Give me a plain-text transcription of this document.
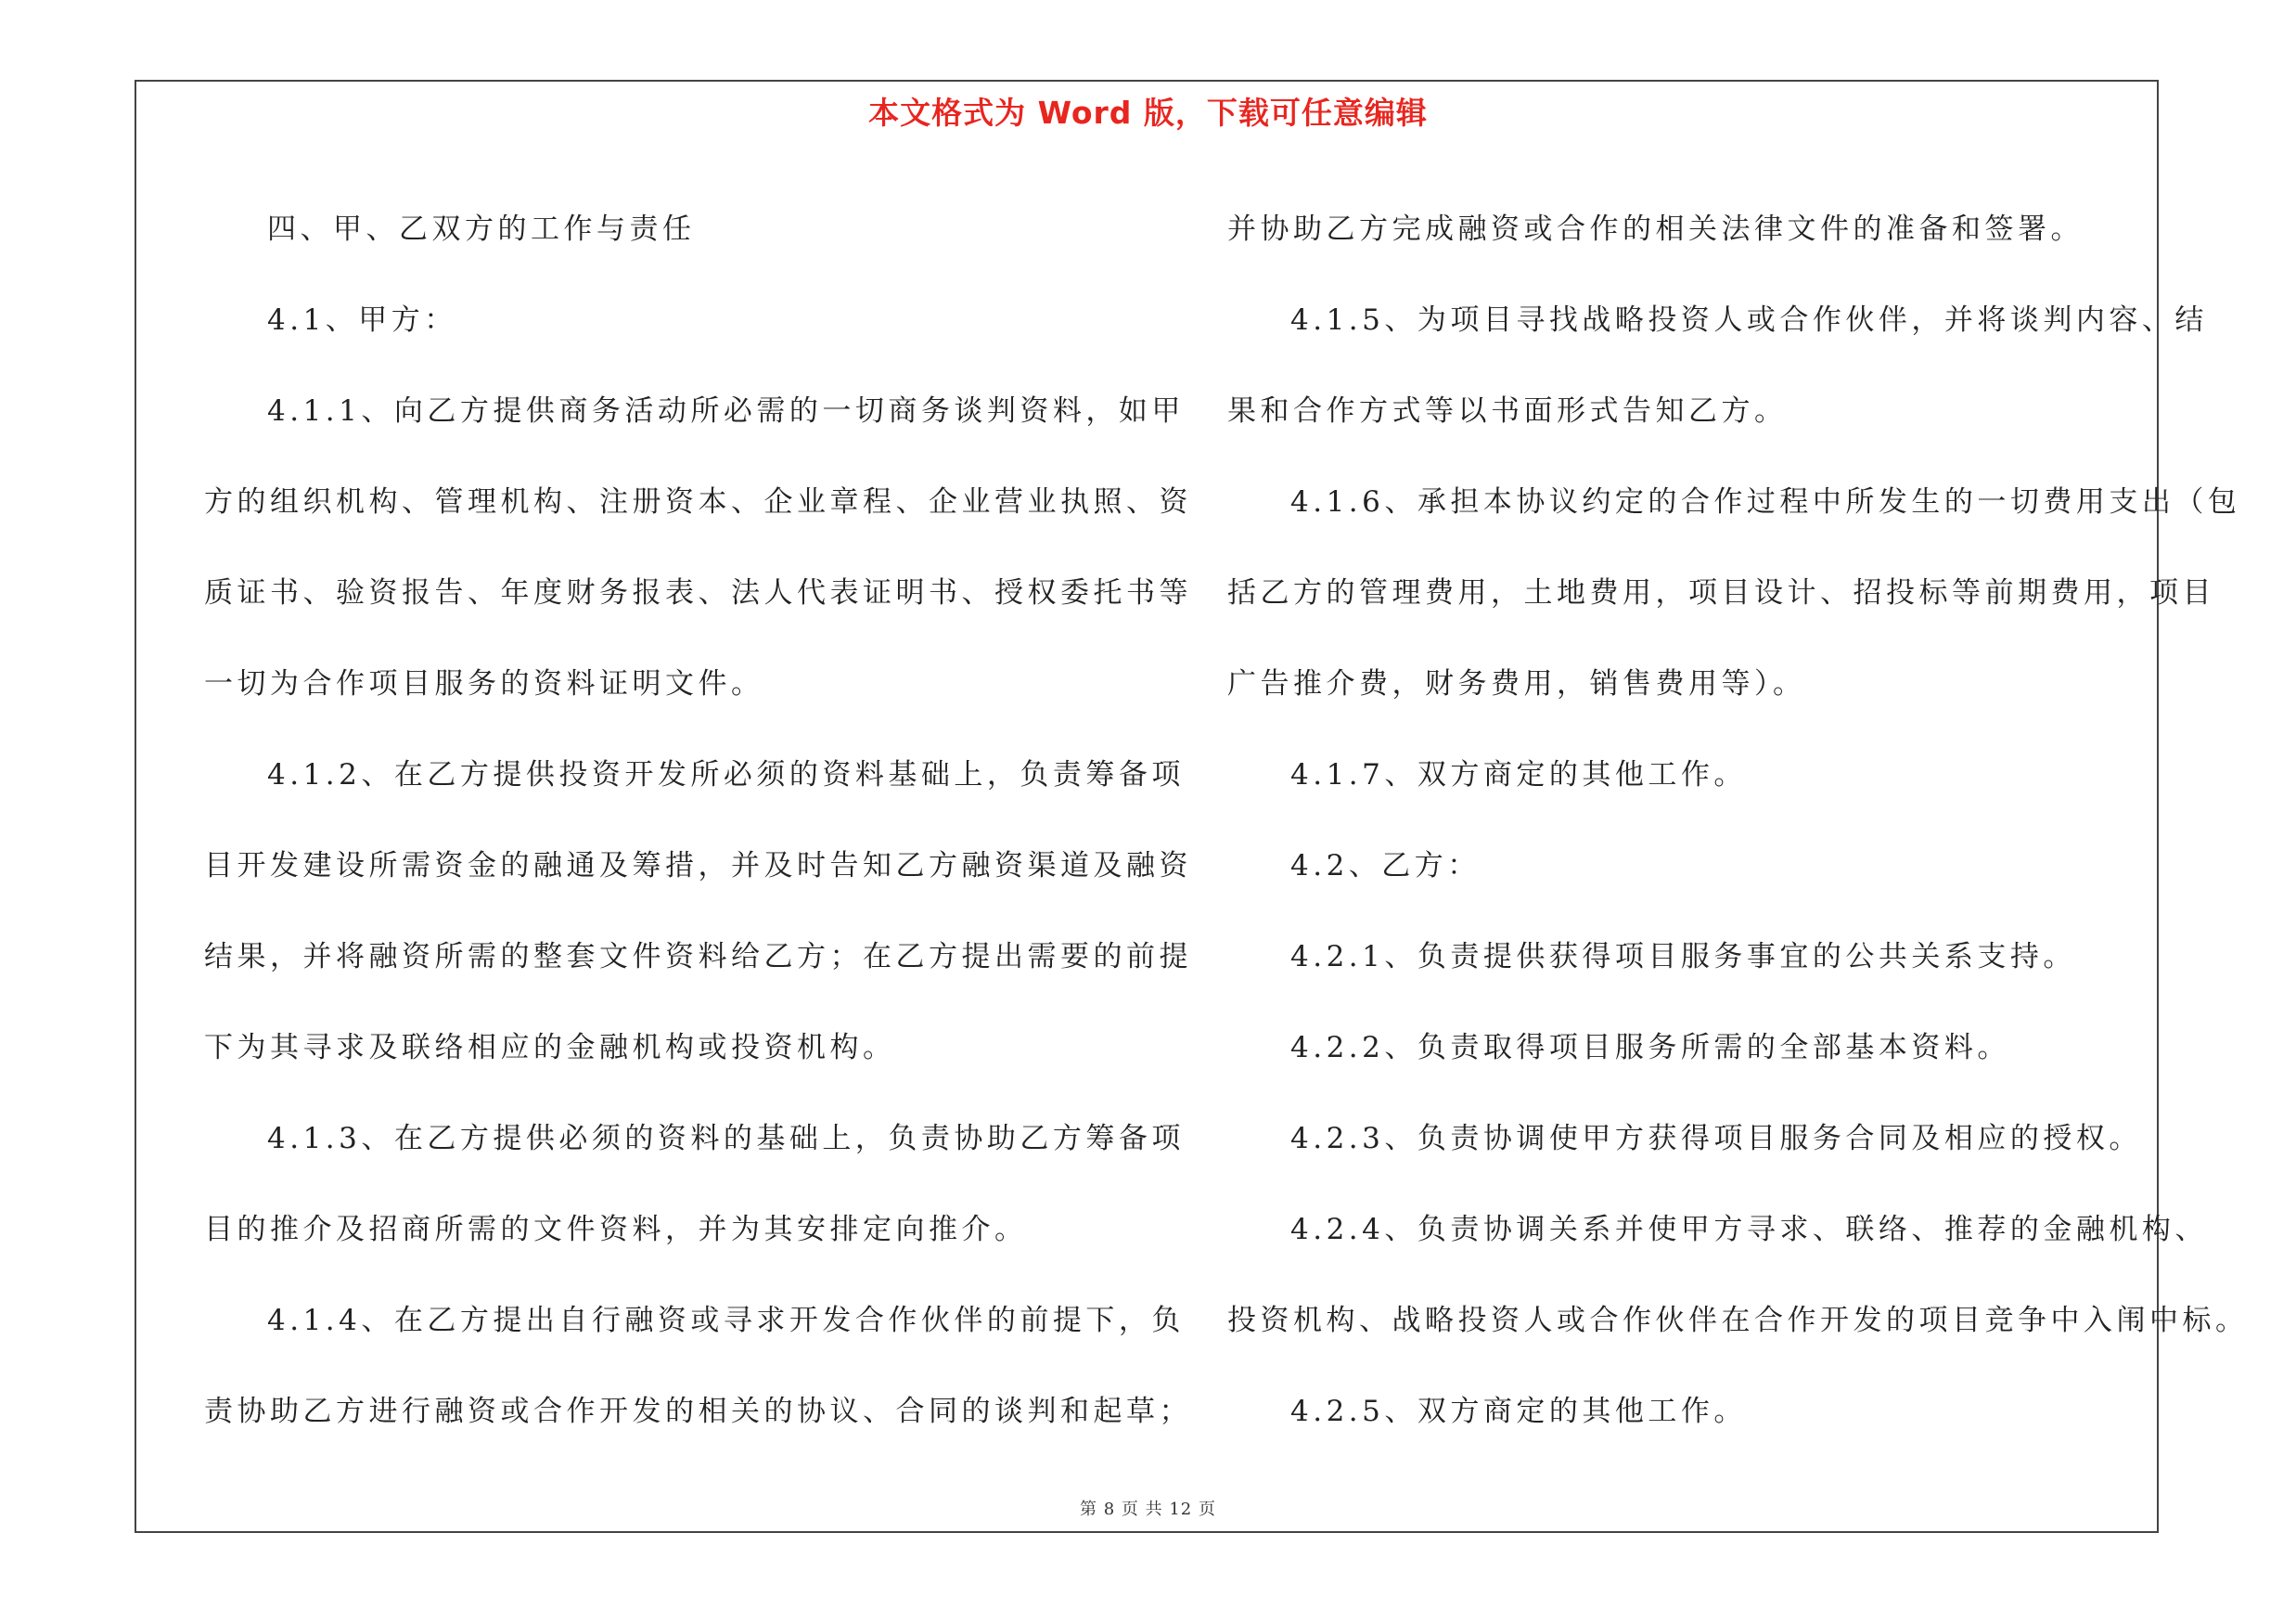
本文格式为 Word 版，下载可任意编辑

四、甲、乙双方的工作与责任

4.1、甲方：

4.1.1、向乙方提供商务活动所必需的一切商务谈判资料，如甲

方的组织机构、管理机构、注册资本、企业章程、企业营业执照、资

质证书、验资报告、年度财务报表、法人代表证明书、授权委托书等

一切为合作项目服务的资料证明文件。

4.1.2、在乙方提供投资开发所必须的资料基础上，负责筹备项

目开发建设所需资金的融通及筹措，并及时告知乙方融资渠道及融资

结果，并将融资所需的整套文件资料给乙方；在乙方提出需要的前提

下为其寻求及联络相应的金融机构或投资机构。

4.1.3、在乙方提供必须的资料的基础上，负责协助乙方筹备项

目的推介及招商所需的文件资料，并为其安排定向推介。

4.1.4、在乙方提出自行融资或寻求开发合作伙伴的前提下，负

责协助乙方进行融资或合作开发的相关的协议、合同的谈判和起草；

并协助乙方完成融资或合作的相关法律文件的准备和签署。

4.1.5、为项目寻找战略投资人或合作伙伴，并将谈判内容、结

果和合作方式等以书面形式告知乙方。

4.1.6、承担本协议约定的合作过程中所发生的一切费用支出（包

括乙方的管理费用，土地费用，项目设计、招投标等前期费用，项目

广告推介费，财务费用，销售费用等）。

4.1.7、双方商定的其他工作。

4.2、乙方：

4.2.1、负责提供获得项目服务事宜的公共关系支持。

4.2.2、负责取得项目服务所需的全部基本资料。

4.2.3、负责协调使甲方获得项目服务合同及相应的授权。

4.2.4、负责协调关系并使甲方寻求、联络、推荐的金融机构、

投资机构、战略投资人或合作伙伴在合作开发的项目竞争中入闱中标。

4.2.5、双方商定的其他工作。

第 8 页 共 12 页
